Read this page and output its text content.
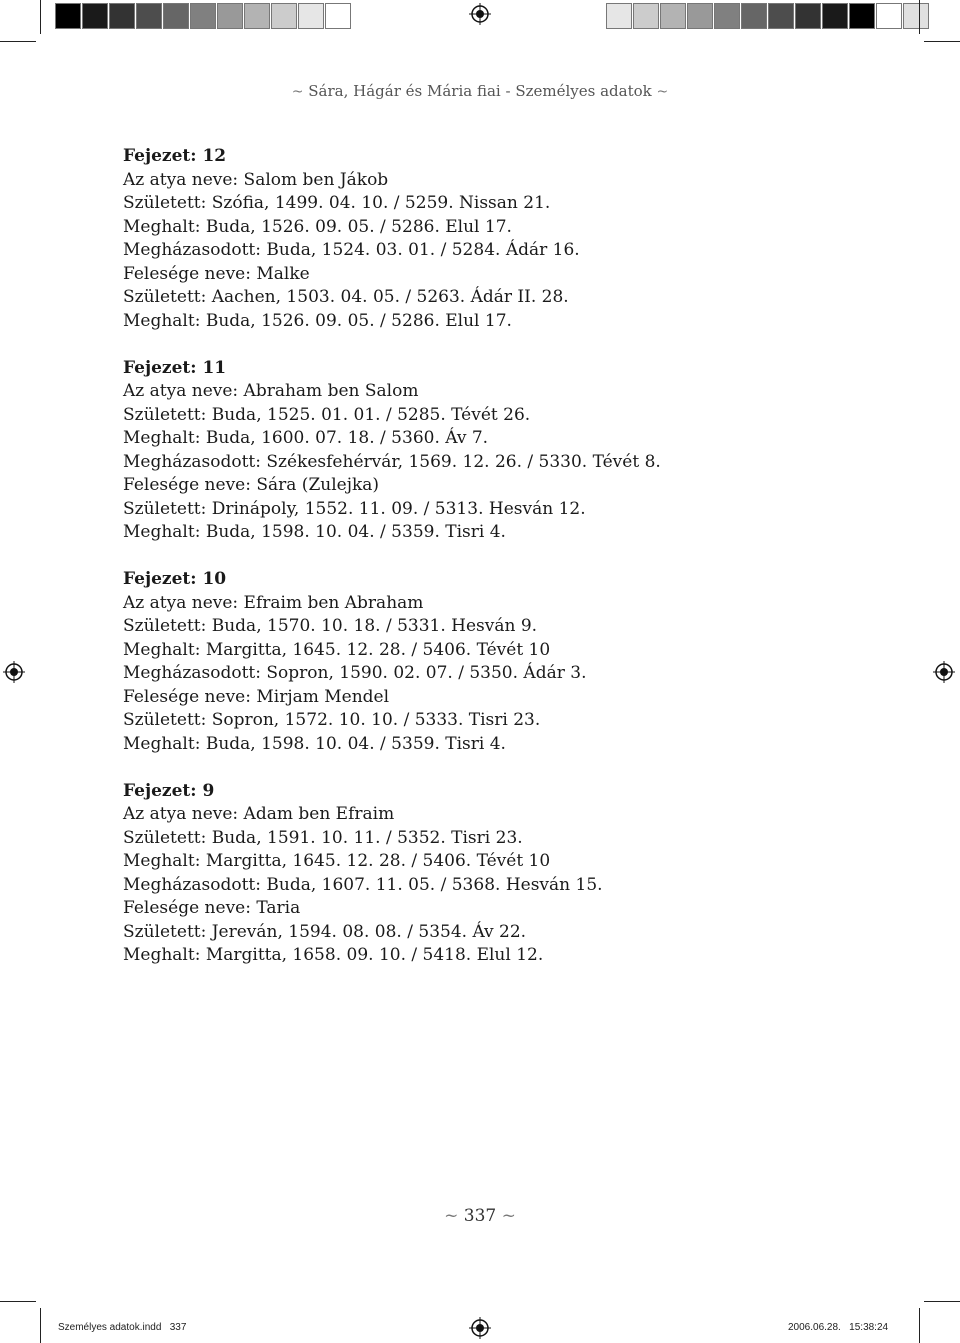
~ Sára, Hágár és Mária fiai - Személyes adatok ~
Fejezet: 12
Az atya neve: Salom ben Jákob
Született: Szófia, 1499. 04. 10. / 5259. Nissan 21.
Meghalt: Buda, 1526. 09. 05. / 5286. Elul 17.
Megházasodott: Buda, 1524. 03. 01. / 5284. Ádár 16.
Felesége neve: Malke
Született: Aachen, 1503. 04. 05. / 5263. Ádár II. 28.
Meghalt: Buda, 1526. 09. 05. / 5286. Elul 17.
Fejezet: 11
Az atya neve: Abraham ben Salom
Született: Buda, 1525. 01. 01. / 5285. Tévét 26.
Meghalt: Buda, 1600. 07. 18. / 5360. Áv 7.
Megházasodott: Székesfehérvár, 1569. 12. 26. / 5330. Tévét 8.
Felesége neve: Sára (Zulejka)
Született: Drinápoly, 1552. 11. 09. / 5313. Hesván 12.
Meghalt: Buda, 1598. 10. 04. / 5359. Tisri 4.
Fejezet: 10
Az atya neve: Efraim ben Abraham
Született: Buda, 1570. 10. 18. / 5331. Hesván 9.
Meghalt: Margitta, 1645. 12. 28. / 5406. Tévét 10
Megházasodott: Sopron, 1590. 02. 07. / 5350. Ádár 3.
Felesége neve: Mirjam Mendel
Született: Sopron, 1572. 10. 10. / 5333. Tisri 23.
Meghalt: Buda, 1598. 10. 04. / 5359. Tisri 4.
Fejezet: 9
Az atya neve: Adam ben Efraim
Született: Buda, 1591. 10. 11. / 5352. Tisri 23.
Meghalt: Margitta, 1645. 12. 28. / 5406. Tévét 10
Megházasodott: Buda, 1607. 11. 05. / 5368. Hesván 15.
Felesége neve: Taria
Született: Jereván, 1594. 08. 08. / 5354. Áv 22.
Meghalt: Margitta, 1658. 09. 10. / 5418. Elul 12.
~ 337 ~
Személyes adatok.indd   337	2006.06.28.   15:38:24
